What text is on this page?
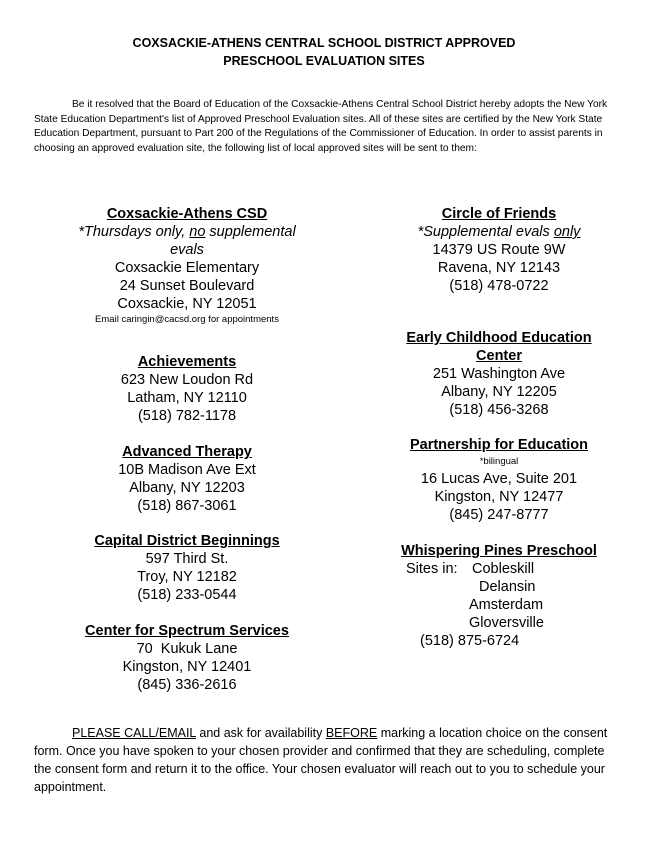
COXSACKIE-ATHENS CENTRAL SCHOOL DISTRICT APPROVED
PRESCHOOL EVALUATION SITES
Be it resolved that the Board of Education of the Coxsackie-Athens Central School District hereby adopts the New York State Education Department's list of Approved Preschool Evaluation sites. All of these sites are certified by the New York State Education Department, pursuant to Part 200 of the Regulations of the Commissioner of Education. In order to assist parents in choosing an approved evaluation site, the following list of local approved sites will be sent to them:
Coxsackie-Athens CSD
*Thursdays only, no supplemental
evals
Coxsackie Elementary
24 Sunset Boulevard
Coxsackie, NY 12051
Email caringin@cacsd.org for appointments
Achievements
623 New Loudon Rd
Latham, NY 12110
(518) 782-1178
Advanced Therapy
10B Madison Ave Ext
Albany, NY 12203
(518) 867-3061
Capital District Beginnings
597 Third St.
Troy, NY 12182
(518) 233-0544
Center for Spectrum Services
70  Kukuk Lane
Kingston, NY 12401
(845) 336-2616
Circle of Friends
*Supplemental evals only
14379 US Route 9W
Ravena, NY 12143
(518) 478-0722
Early Childhood Education
Center
251 Washington Ave
Albany, NY 12205
(518) 456-3268
Partnership for Education
*bilingual
16 Lucas Ave, Suite 201
Kingston, NY 12477
(845) 247-8777
Whispering Pines Preschool
Sites in: Cobleskill
Delansin
Amsterdam
Gloversville
(518) 875-6724
PLEASE CALL/EMAIL and ask for availability BEFORE marking a location choice on the consent form. Once you have spoken to your chosen provider and confirmed that they are scheduling, complete the consent form and return it to the office. Your chosen evaluator will reach out to you to schedule your appointment.
